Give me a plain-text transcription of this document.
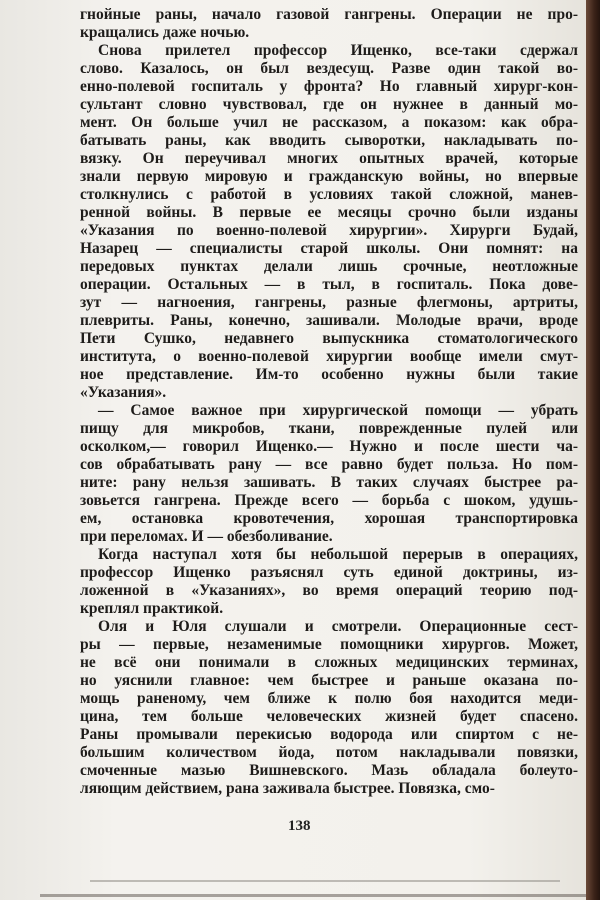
гнойные раны, начало газовой гангрены. Операции не про-
кращались даже ночью.
Снова прилетел профессор Ищенко, все-таки сдержал
слово. Казалось, он был вездесущ. Разве один такой во-
енно-полевой госпиталь у фронта? Но главный хирург-кон-
сультант словно чувствовал, где он нужнее в данный мо-
мент. Он больше учил не рассказом, а показом: как обра-
батывать раны, как вводить сыворотки, накладывать по-
вязку. Он переучивал многих опытных врачей, которые
знали первую мировую и гражданскую войны, но впервые
столкнулись с работой в условиях такой сложной, манев-
ренной войны. В первые ее месяцы срочно были изданы
«Указания по военно-полевой хирургии». Хирурги Будай,
Назарец — специалисты старой школы. Они помнят: на
передовых пунктах делали лишь срочные, неотложные
операции. Остальных — в тыл, в госпиталь. Пока дове-
зут — нагноения, гангрены, разные флегмоны, артриты,
плевриты. Раны, конечно, зашивали. Молодые врачи, вроде
Пети Сушко, недавнего выпускника стоматологического
института, о военно-полевой хирургии вообще имели смут-
ное представление. Им-то особенно нужны были такие
«Указания».
— Самое важное при хирургической помощи — убрать
пищу для микробов, ткани, поврежденные пулей или
осколком,— говорил Ищенко.— Нужно и после шести ча-
сов обрабатывать рану — все равно будет польза. Но пом-
ните: рану нельзя зашивать. В таких случаях быстрее ра-
зовьется гангрена. Прежде всего — борьба с шоком, удушь-
ем, остановка кровотечения, хорошая транспортировка
при переломах. И — обезболивание.
Когда наступал хотя бы небольшой перерыв в операциях,
профессор Ищенко разъяснял суть единой доктрины, из-
ложенной в «Указаниях», во время операций теорию под-
креплял практикой.
Оля и Юля слушали и смотрели. Операционные сест-
ры — первые, незаменимые помощники хирургов. Может,
не всё они понимали в сложных медицинских терминах,
но уяснили главное: чем быстрее и раньше оказана по-
мощь раненому, чем ближе к полю боя находится меди-
цина, тем больше человеческих жизней будет спасено.
Раны промывали перекисью водорода или спиртом с не-
большим количеством йода, потом накладывали повязки,
смоченные мазью Вишневского. Мазь обладала болеуто-
ляющим действием, рана заживала быстрее. Повязка, смо-
138
